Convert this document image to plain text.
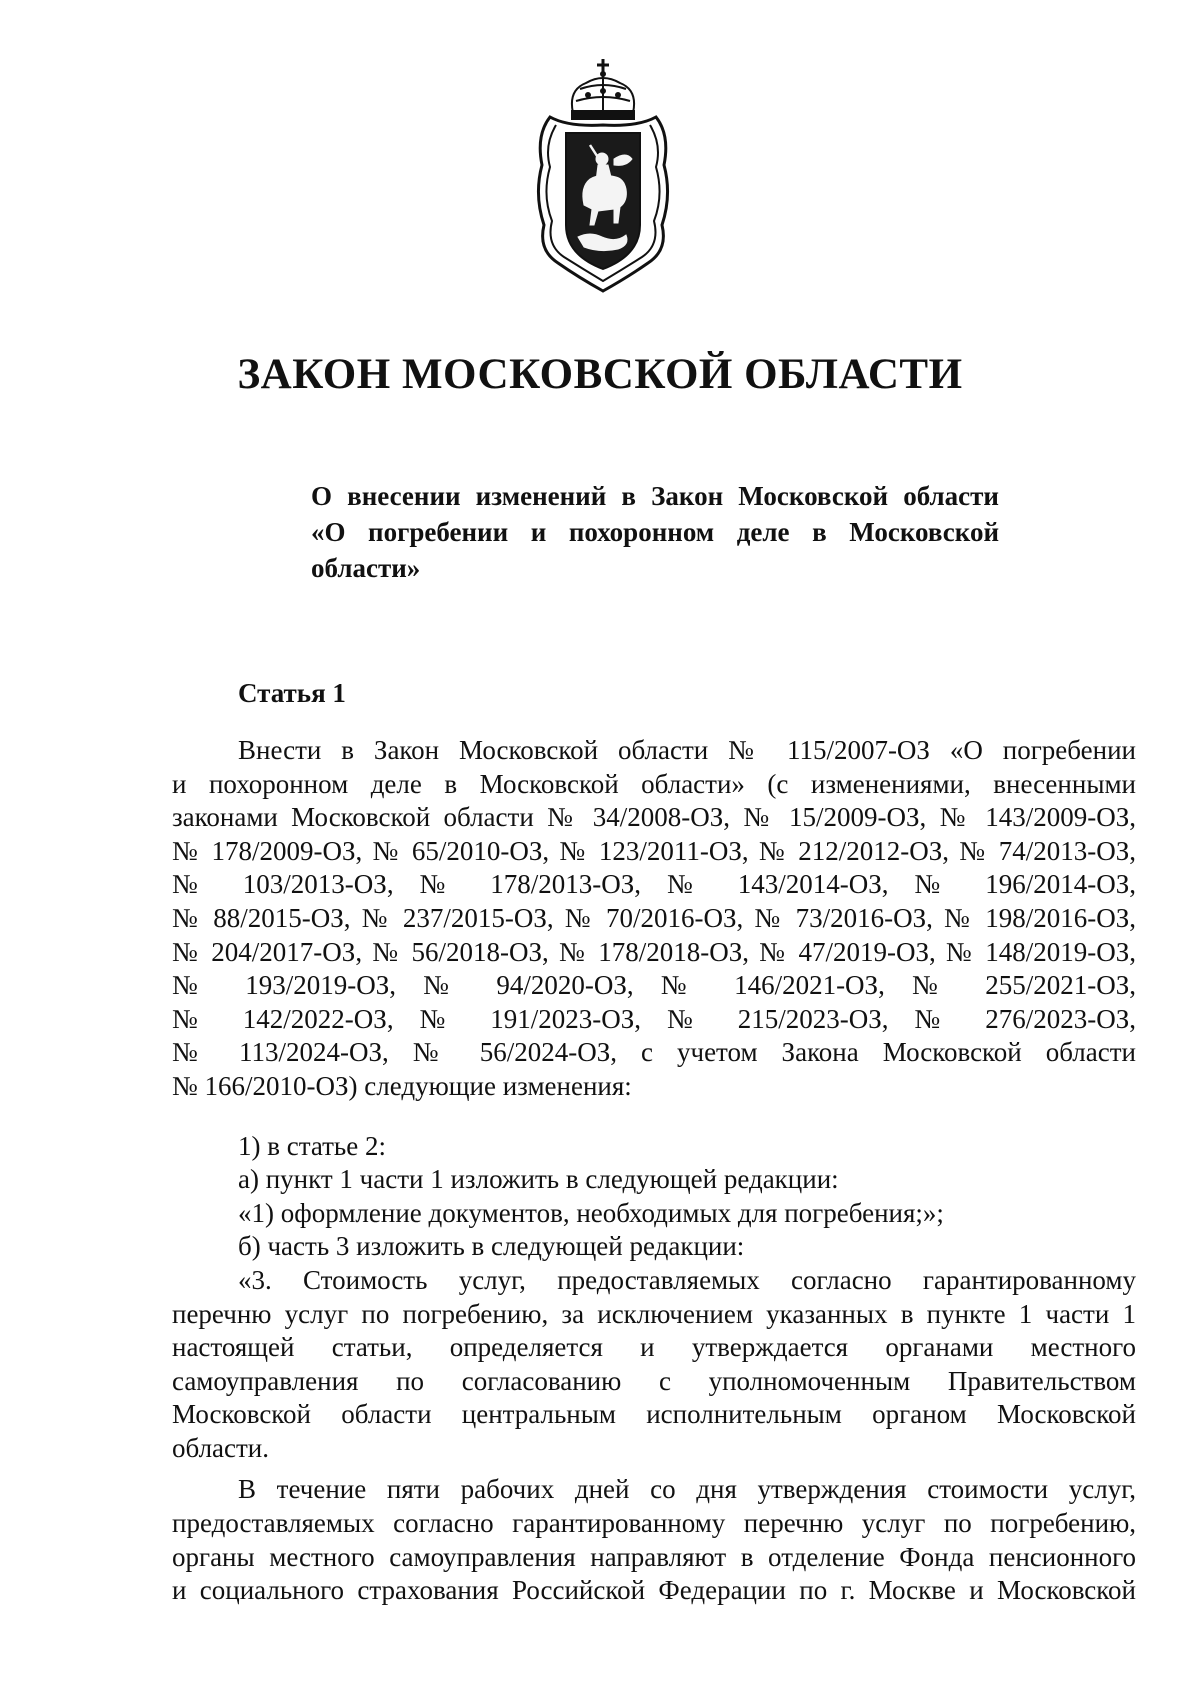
ЗАКОН МОСКОВСКОЙ ОБЛАСТИ
О внесении изменений в Закон Московской области
«О погребении и похоронном деле в Московской
области»
Статья 1
Внести в Закон Московской области № 115/2007-ОЗ «О погребении
и похоронном деле в Московской области» (с изменениями, внесенными
законами Московской области № 34/2008-ОЗ, № 15/2009-ОЗ, № 143/2009-ОЗ,
№ 178/2009-ОЗ, № 65/2010-ОЗ, № 123/2011-ОЗ, № 212/2012-ОЗ, № 74/2013-ОЗ,
№ 103/2013-ОЗ, № 178/2013-ОЗ, № 143/2014-ОЗ, № 196/2014-ОЗ,
№ 88/2015-ОЗ, № 237/2015-ОЗ, № 70/2016-ОЗ, № 73/2016-ОЗ, № 198/2016-ОЗ,
№ 204/2017-ОЗ, № 56/2018-ОЗ, № 178/2018-ОЗ, № 47/2019-ОЗ, № 148/2019-ОЗ,
№ 193/2019-ОЗ, № 94/2020-ОЗ, № 146/2021-ОЗ, № 255/2021-ОЗ,
№ 142/2022-ОЗ, № 191/2023-ОЗ, № 215/2023-ОЗ, № 276/2023-ОЗ,
№ 113/2024-ОЗ, № 56/2024-ОЗ, с учетом Закона Московской области
№ 166/2010-ОЗ) следующие изменения:
1) в статье 2:
а) пункт 1 части 1 изложить в следующей редакции:
«1) оформление документов, необходимых для погребения;»;
б) часть 3 изложить в следующей редакции:
«3. Стоимость услуг, предоставляемых согласно гарантированному
перечню услуг по погребению, за исключением указанных в пункте 1 части 1
настоящей статьи, определяется и утверждается органами местного
самоуправления по согласованию с уполномоченным Правительством
Московской области центральным исполнительным органом Московской
области.
В течение пяти рабочих дней со дня утверждения стоимости услуг,
предоставляемых согласно гарантированному перечню услуг по погребению,
органы местного самоуправления направляют в отделение Фонда пенсионного
и социального страхования Российской Федерации по г. Москве и Московской
